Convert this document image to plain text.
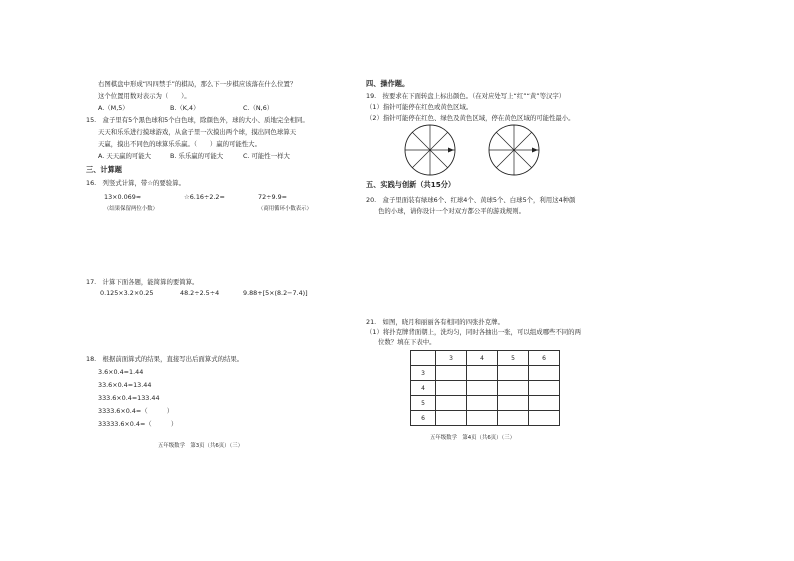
右图棋盘中形成“四四禁手”的棋局，那么下一步棋应该落在什么位置？
这个位置用数对表示为（　　）。
A.（M,5）	B.（K,4）	C.（N,6）
15.　盒子里有5个黑色球和5个白色球，除颜色外，球的大小、质地完全相同。
天天和乐乐进行摸球游戏，从盒子里一次摸出两个球，摸出同色球算天
天赢，摸出不同色的球算乐乐赢。（　　）赢的可能性大。
A. 天天赢的可能大	B. 乐乐赢的可能大	C. 可能性一样大
三、计算题
16.　列竖式计算，带☆的要验算。
13×0.069≈	☆6.16÷2.2=	72÷9.9=
（结果保留两位小数）	（商用循环小数表示）
17.　计算下面各题，能简算的要简算。
0.125×3.2×0.25	48.2÷2.5÷4	9.88+[5×(8.2−7.4)]
18.　根据前面算式的结果，直接写出后面算式的结果。
3.6×0.4=1.44
33.6×0.4=13.44
333.6×0.4=133.44
3333.6×0.4=（　　　）
33333.6×0.4=（　　　）
五年级数学　第3页（共6页）（三）
四、操作题。
19.　按要求在下面转盘上标出颜色。（在对应处写上“红”“黄”等汉字）
（1）指针可能停在红色或黄色区域。
（2）指针可能停在红色、绿色及黄色区域，停在黄色区域的可能性最小。
五、实践与创新（共15分）
20.　盒子里面装有绿球6个、红球4个、黄球5个、白球5个，利用这4种颜
色的小球，请你设计一个对双方都公平的游戏规则。
21.　如图，晓月和丽丽各有相同的四张扑克牌。
（1）将扑克牌背面朝上，洗均匀，同时各抽出一张，可以组成哪些不同的两
位数？填在下表中。
	3	4	5	6
3				
4				
5				
6				
五年级数学　第4页（共6页）（三）
